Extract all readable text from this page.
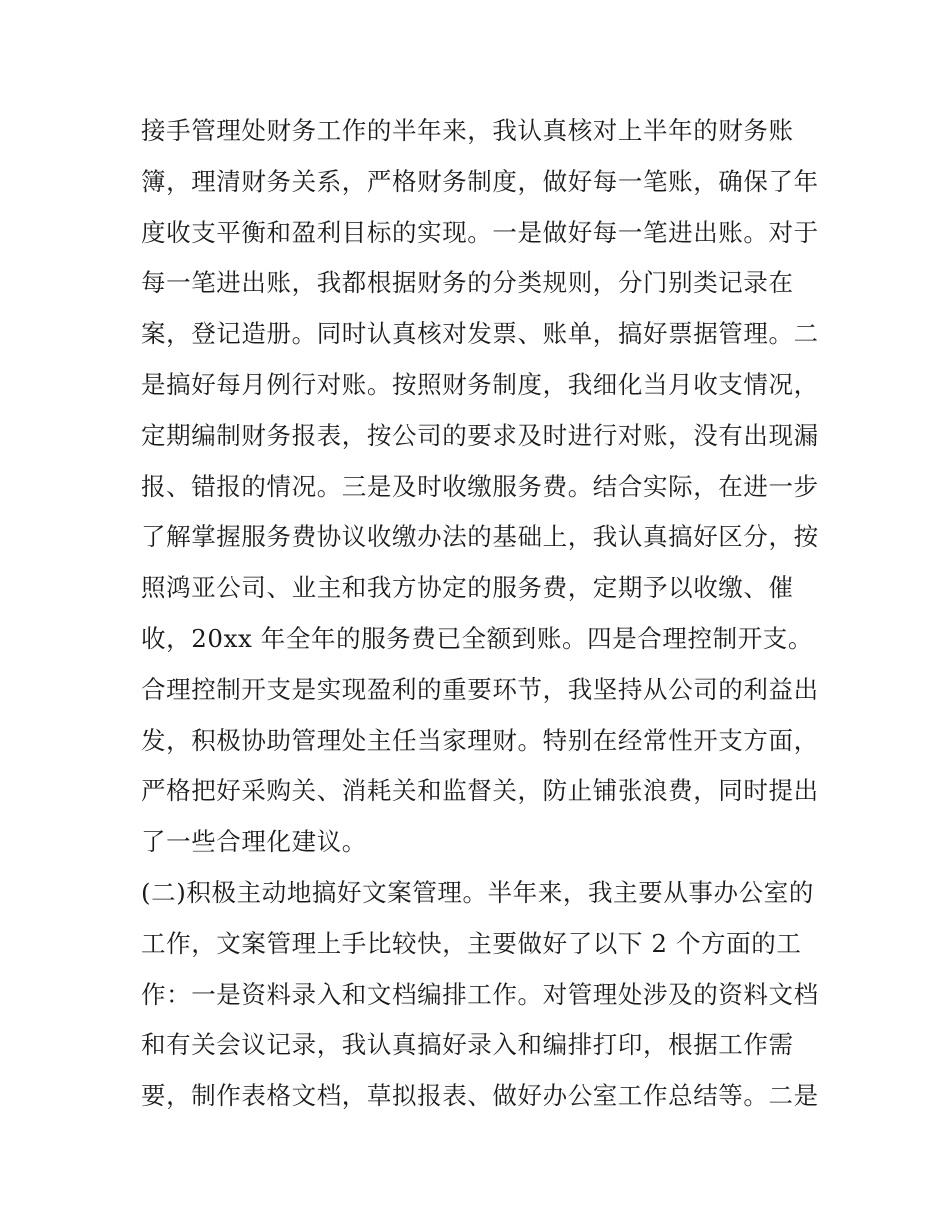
接手管理处财务工作的半年来，我认真核对上半年的财务账
簿，理清财务关系，严格财务制度，做好每一笔账，确保了年
度收支平衡和盈利目标的实现。一是做好每一笔进出账。对于
每一笔进出账，我都根据财务的分类规则，分门别类记录在
案，登记造册。同时认真核对发票、账单，搞好票据管理。二
是搞好每月例行对账。按照财务制度，我细化当月收支情况，
定期编制财务报表，按公司的要求及时进行对账，没有出现漏
报、错报的情况。三是及时收缴服务费。结合实际，在进一步
了解掌握服务费协议收缴办法的基础上，我认真搞好区分，按
照鸿亚公司、业主和我方协定的服务费，定期予以收缴、催
收，20xx 年全年的服务费已全额到账。四是合理控制开支。
合理控制开支是实现盈利的重要环节，我坚持从公司的利益出
发，积极协助管理处主任当家理财。特别在经常性开支方面，
严格把好采购关、消耗关和监督关，防止铺张浪费，同时提出
了一些合理化建议。
(二)积极主动地搞好文案管理。半年来，我主要从事办公室的
工作，文案管理上手比较快，主要做好了以下 2 个方面的工
作：一是资料录入和文档编排工作。对管理处涉及的资料文档
和有关会议记录，我认真搞好录入和编排打印，根据工作需
要，制作表格文档，草拟报表、做好办公室工作总结等。二是
